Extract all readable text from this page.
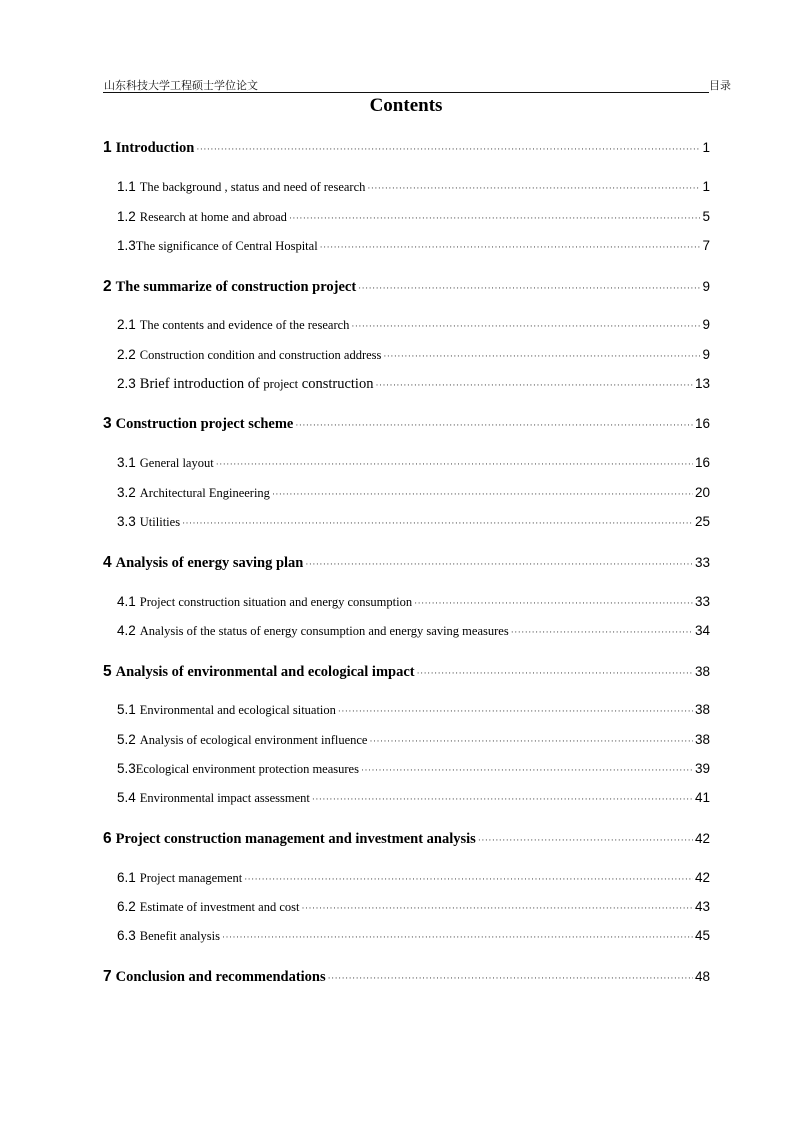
山东科技大学工程硕士学位论文	目录
Contents
1 Introduction ·····	1
1.1 The background , status and need of research ·····	1
1.2 Research at home and abroad ·····	5
1.3 The significance of Central Hospital ·····	7
2 The summarize of construction project ·····	9
2.1 The contents and evidence of the research ·····	9
2.2 Construction condition and construction address ·····	9
2.3 Brief introduction of project construction ·····	13
3 Construction project scheme ·····	16
3.1 General layout ·····	16
3.2 Architectural Engineering ·····	20
3.3 Utilities ·····	25
4 Analysis of energy saving plan ·····	33
4.1 Project construction situation and energy consumption ·····	33
4.2 Analysis of the status of energy consumption and energy saving measures ·····	34
5 Analysis of environmental and ecological impact ·····	38
5.1 Environmental and ecological situation ·····	38
5.2 Analysis of ecological environment influence ·····	38
5.3 Ecological environment protection measures ·····	39
5.4 Environmental impact assessment ·····	41
6 Project construction management and investment analysis ·····	42
6.1 Project management ·····	42
6.2 Estimate of investment and cost ·····	43
6.3 Benefit analysis ·····	45
7 Conclusion and recommendations ·····	48
